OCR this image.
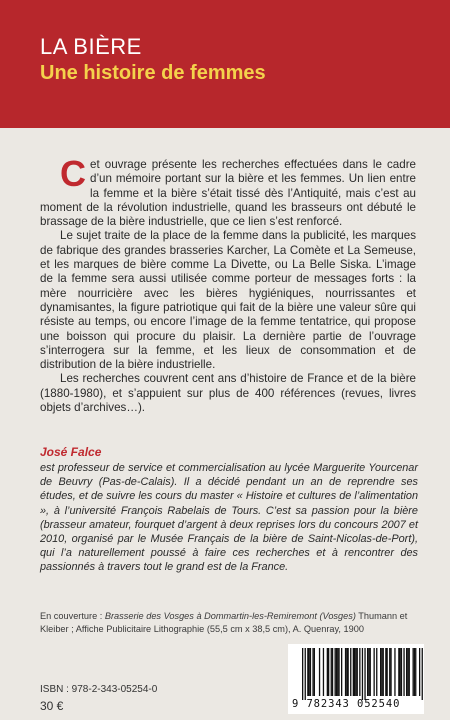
LA BIÈRE
Une histoire de femmes

Cet ouvrage présente les recherches effectuées dans le cadre d’un mémoire portant sur la bière et les femmes. Un lien entre la femme et la bière s’était tissé dès l’Antiquité, mais c’est au moment de la révolution industrielle, quand les brasseurs ont débuté le brassage de la bière industrielle, que ce lien s’est renforcé.

Le sujet traite de la place de la femme dans la publicité, les marques de fabrique des grandes brasseries Karcher, La Comète et La Semeuse, et les marques de bière comme La Divette, ou La Belle Siska. L’image de la femme sera aussi utilisée comme porteur de messages forts : la mère nourricière avec les bières hygiéniques, nourrissantes et dynamisantes, la figure patriotique qui fait de la bière une valeur sûre qui résiste au temps, ou encore l’image de la femme tentatrice, qui propose une boisson qui procure du plaisir. La dernière partie de l’ouvrage s’interrogera sur la femme, et les lieux de consommation et de distribution de la bière industrielle.

Les recherches couvrent cent ans d’histoire de France et de la bière (1880-1980), et s’appuient sur plus de 400 références (revues, livres objets d’archives…).

José Falce
est professeur de service et commercialisation au lycée Marguerite Yourcenar de Beuvry (Pas-de-Calais). Il a décidé pendant un an de reprendre ses études, et de suivre les cours du master « Histoire et cultures de l’alimentation », à l’université François Rabelais de Tours. C’est sa passion pour la bière (brasseur amateur, fourquet d’argent à deux reprises lors du concours 2007 et 2010, organisé par le Musée Français de la bière de Saint-Nicolas-de-Port), qui l’a naturellement poussé à faire ces recherches et à rencontrer des passionnés à travers tout le grand est de la France.
En couverture : Brasserie des Vosges à Dommartin-les-Remiremont (Vosges) Thumann et Kleiber ; Affiche Publicitaire Lithographie (55,5 cm x 38,5 cm), A. Quenray, 1900
ISBN : 978-2-343-05254-0
30 €	9 782343 052540
